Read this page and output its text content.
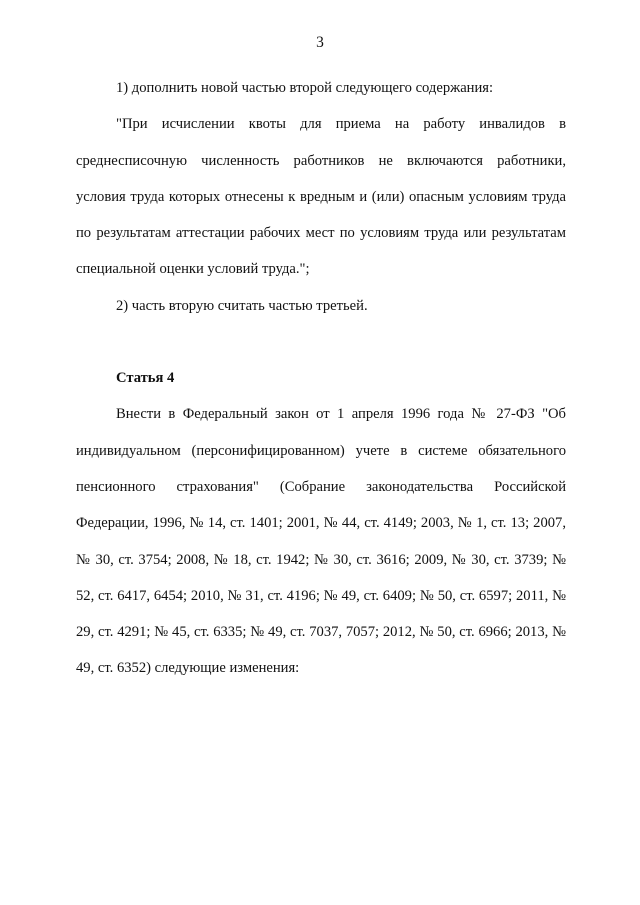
3

1) дополнить новой частью второй следующего содержания:

"При исчислении квоты для приема на работу инвалидов в среднесписочную численность работников не включаются работники, условия труда которых отнесены к вредным и (или) опасным условиям труда по результатам аттестации рабочих мест по условиям труда или результатам специальной оценки условий труда.";

2) часть вторую считать частью третьей.

Статья 4

Внести в Федеральный закон от 1 апреля 1996 года № 27-ФЗ "Об индивидуальном (персонифицированном) учете в системе обязательного пенсионного страхования" (Собрание законодательства Российской Федерации, 1996, № 14, ст. 1401; 2001, № 44, ст. 4149; 2003, № 1, ст. 13; 2007, № 30, ст. 3754; 2008, № 18, ст. 1942; № 30, ст. 3616; 2009, № 30, ст. 3739; № 52, ст. 6417, 6454; 2010, № 31, ст. 4196; № 49, ст. 6409; № 50, ст. 6597; 2011, № 29, ст. 4291; № 45, ст. 6335; № 49, ст. 7037, 7057; 2012, № 50, ст. 6966; 2013, № 49, ст. 6352) следующие изменения:
